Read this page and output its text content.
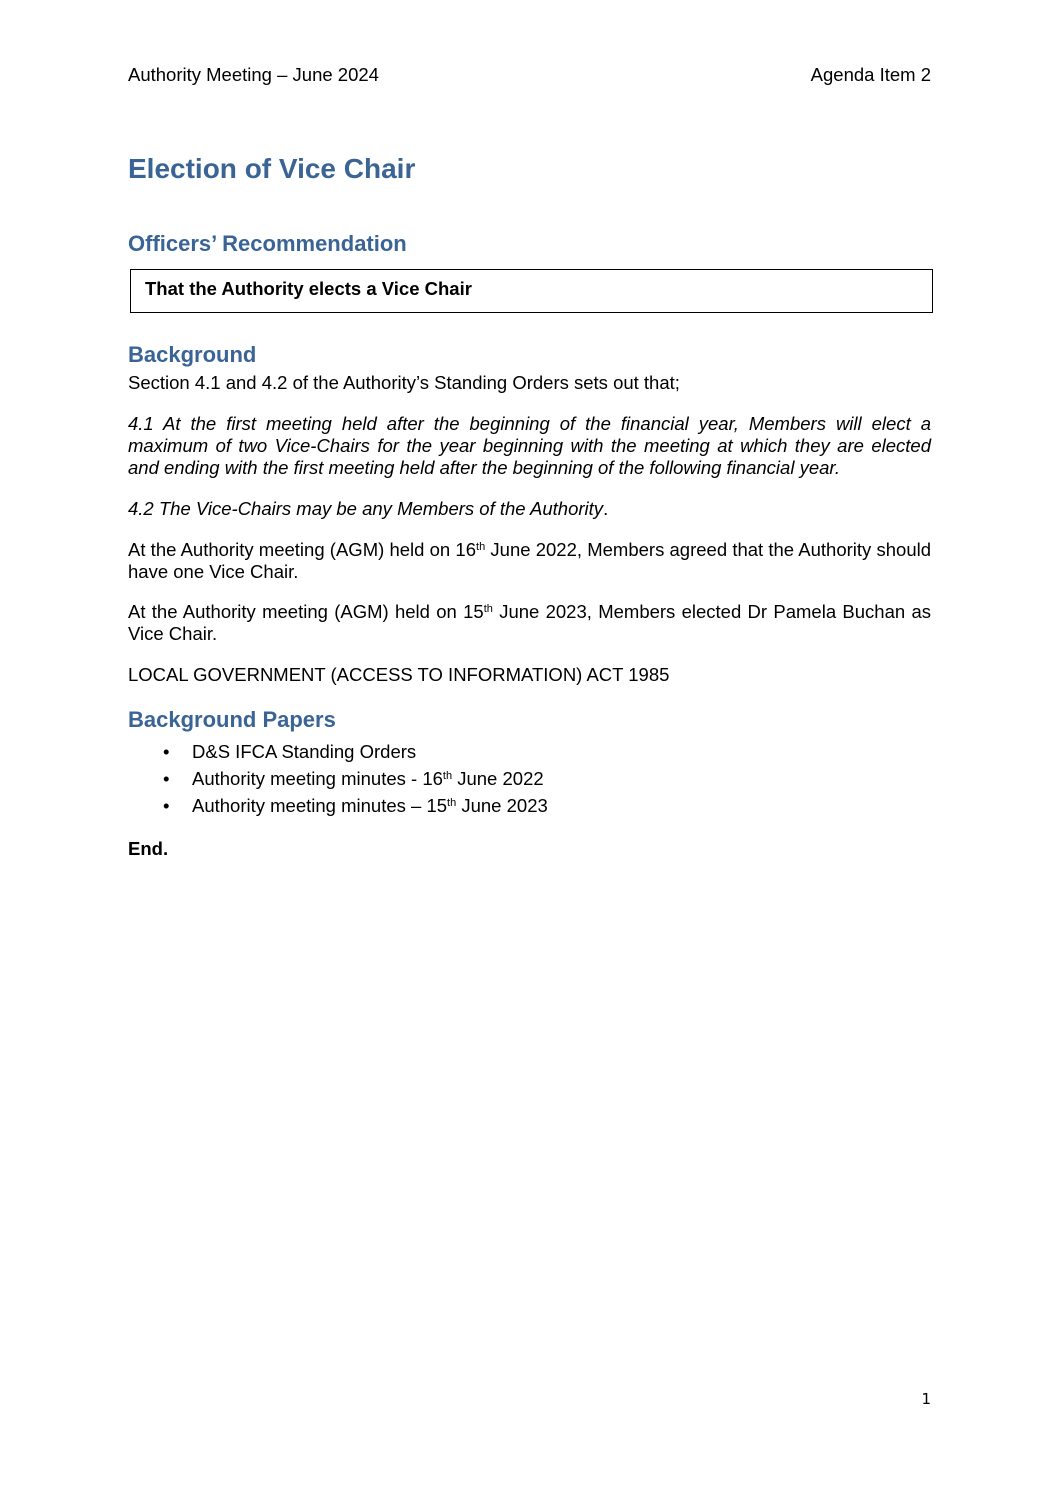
Authority Meeting – June 2024	Agenda Item 2
Election of Vice Chair
Officers’ Recommendation
That the Authority elects a Vice Chair
Background

Section 4.1 and 4.2 of the Authority’s Standing Orders sets out that;

4.1 At the first meeting held after the beginning of the financial year, Members will elect a maximum of two Vice-Chairs for the year beginning with the meeting at which they are elected and ending with the first meeting held after the beginning of the following financial year.

4.2 The Vice-Chairs may be any Members of the Authority.

At the Authority meeting (AGM) held on 16th June 2022, Members agreed that the Authority should have one Vice Chair.

At the Authority meeting (AGM) held on 15th June 2023, Members elected Dr Pamela Buchan as Vice Chair.

LOCAL GOVERNMENT (ACCESS TO INFORMATION) ACT 1985

Background Papers
• D&S IFCA Standing Orders
• Authority meeting minutes - 16th June 2022
• Authority meeting minutes – 15th June 2023
End.
1
